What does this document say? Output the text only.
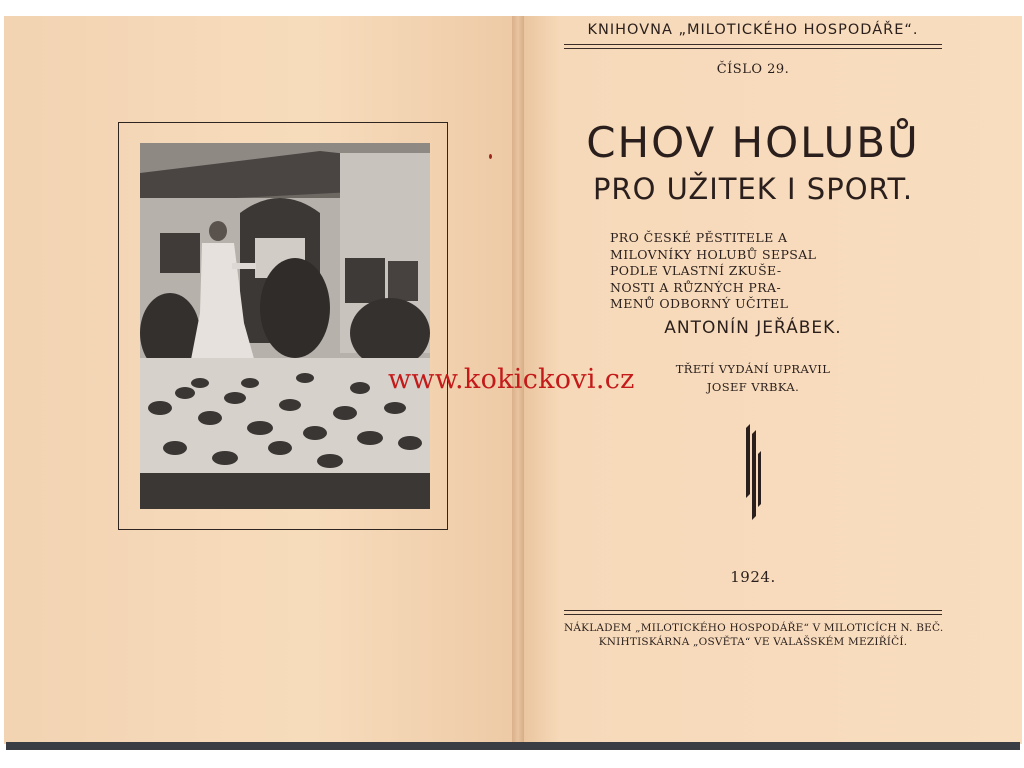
www.kokickovi.cz
KNIHOVNA „MILOTICKÉHO HOSPODÁŘE“.
ČÍSLO 29.
CHOV HOLUBŮ
PRO UŽITEK I SPORT.
PRO ČESKÉ PĚSTITELE A
MILOVNÍKY HOLUBŮ SEPSAL
PODLE VLASTNÍ ZKUŠE-
NOSTI A RŮZNÝCH PRA-
MENŮ ODBORNÝ UČITEL
ANTONÍN JEŘÁBEK.
TŘETÍ VYDÁNÍ UPRAVIL
JOSEF VRBKA.
1924.
NÁKLADEM „MILOTICKÉHO HOSPODÁŘE“ V MILOTICÍCH N. BEČ.
KNIHTISKÁRNA „OSVĚTA“ VE VALAŠSKÉM MEZIŘÍČÍ.
